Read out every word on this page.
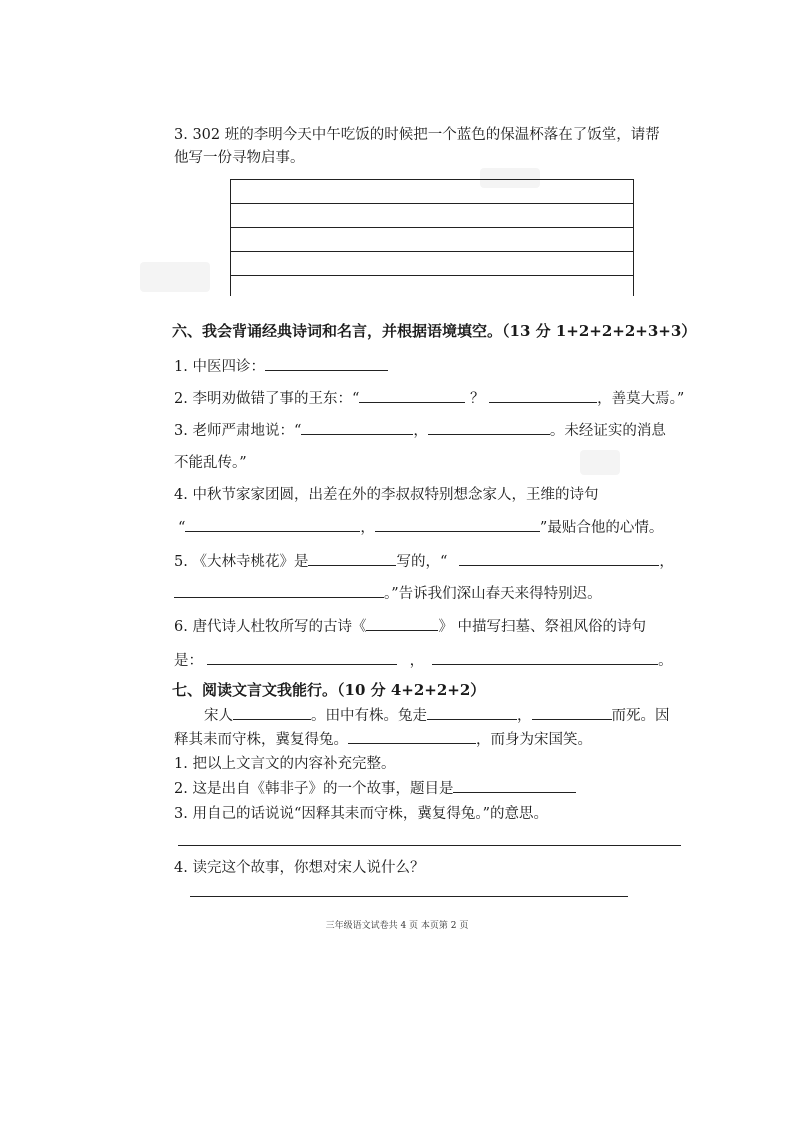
3. 302 班的李明今天中午吃饭的时候把一个蓝色的保温杯落在了饭堂，请帮
他写一份寻物启事。
六、我会背诵经典诗词和名言，并根据语境填空。（13 分 1+2+2+2+3+3）
1. 中医四诊：
2. 李明劝做错了事的王东：“	？	，善莫大焉。”
3. 老师严肃地说：“	，	。未经证实的消息
不能乱传。”
4. 中秋节家家团圆，出差在外的李叔叔特别想念家人，王维的诗句
“	，	”最贴合他的心情。
5. 《大林寺桃花》是	写的，“	，
。”告诉我们深山春天来得特别迟。
6. 唐代诗人杜牧所写的古诗《	》 中描写扫墓、祭祖风俗的诗句
是：	，	。
七、阅读文言文我能行。（10 分 4+2+2+2）
宋人	。田中有株。兔走	，	而死。因
释其耒而守株，冀复得兔。	，而身为宋国笑。
1. 把以上文言文的内容补充完整。
2. 这是出自《韩非子》的一个故事，题目是
3. 用自己的话说说“因释其耒而守株，冀复得兔。”的意思。
4. 读完这个故事，你想对宋人说什么？
三年级语文试卷共 4 页 本页第 2 页
